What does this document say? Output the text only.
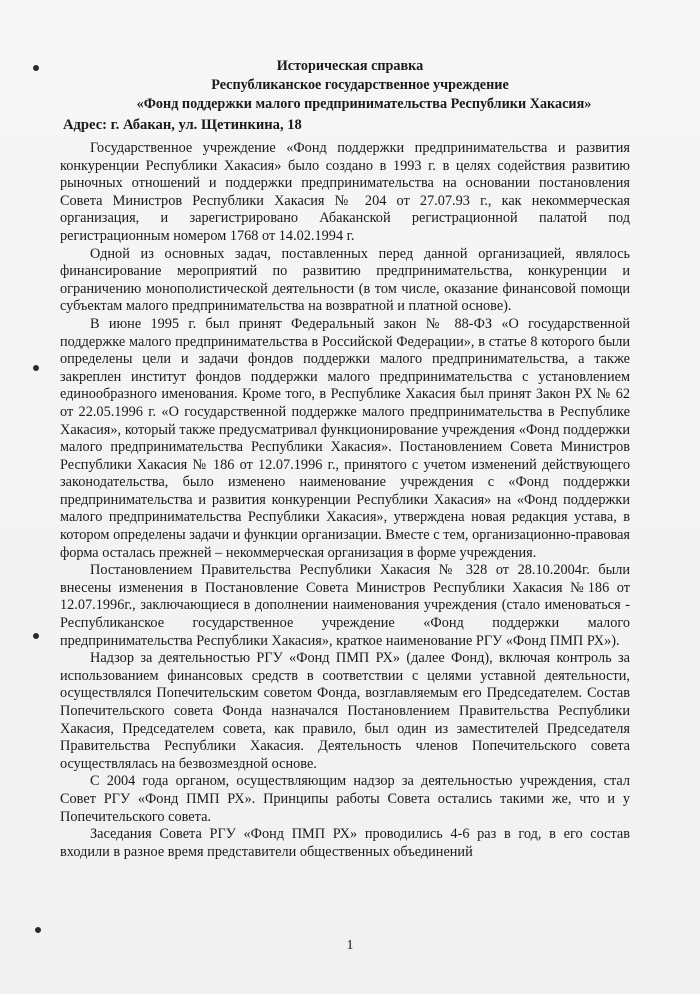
Историческая справка
Республиканское государственное учреждение
«Фонд поддержки малого предпринимательства Республики Хакасия»
Адрес: г. Абакан, ул. Щетинкина, 18

Государственное учреждение «Фонд поддержки предпринимательства и развития конкуренции Республики Хакасия» было создано в 1993 г. в целях содействия развитию рыночных отношений и поддержки предпринимательства на основании постановления Совета Министров Республики Хакасия № 204 от 27.07.93 г., как некоммерческая организация, и зарегистрировано Абаканской регистрационной палатой под регистрационным номером 1768 от 14.02.1994 г.

Одной из основных задач, поставленных перед данной организацией, являлось финансирование мероприятий по развитию предпринимательства, конкуренции и ограничению монополистической деятельности (в том числе, оказание финансовой помощи субъектам малого предпринимательства на возвратной и платной основе).

В июне 1995 г. был принят Федеральный закон № 88-ФЗ «О государственной поддержке малого предпринимательства в Российской Федерации», в статье 8 которого были определены цели и задачи фондов поддержки малого предпринимательства, а также закреплен институт фондов поддержки малого предпринимательства с установлением единообразного именования. Кроме того, в Республике Хакасия был принят Закон РХ № 62 от 22.05.1996 г. «О государственной поддержке малого предпринимательства в Республике Хакасия», который также предусматривал функционирование учреждения «Фонд поддержки малого предпринимательства Республики Хакасия». Постановлением Совета Министров Республики Хакасия № 186 от 12.07.1996 г., принятого с учетом изменений действующего законодательства, было изменено наименование учреждения с «Фонд поддержки предпринимательства и развития конкуренции Республики Хакасия» на «Фонд поддержки малого предпринимательства Республики Хакасия», утверждена новая редакция устава, в котором определены задачи и функции организации. Вместе с тем, организационно-правовая форма осталась прежней – некоммерческая организация в форме учреждения.

Постановлением Правительства Республики Хакасия № 328 от 28.10.2004г. были внесены изменения в Постановление Совета Министров Республики Хакасия №186 от 12.07.1996г., заключающиеся в дополнении наименования учреждения (стало именоваться - Республиканское государственное учреждение «Фонд поддержки малого предпринимательства Республики Хакасия», краткое наименование РГУ «Фонд ПМП РХ»).

Надзор за деятельностью РГУ «Фонд ПМП РХ» (далее Фонд), включая контроль за использованием финансовых средств в соответствии с целями уставной деятельности, осуществлялся Попечительским советом Фонда, возглавляемым его Председателем. Состав Попечительского совета Фонда назначался Постановлением Правительства Республики Хакасия, Председателем совета, как правило, был один из заместителей Председателя Правительства Республики Хакасия. Деятельность членов Попечительского совета осуществлялась на безвозмездной основе.

С 2004 года органом, осуществляющим надзор за деятельностью учреждения, стал Совет РГУ «Фонд ПМП РХ». Принципы работы Совета остались такими же, что и у Попечительского совета.

Заседания Совета РГУ «Фонд ПМП РХ» проводились 4-6 раз в год, в его состав входили в разное время представители общественных объединений

1
